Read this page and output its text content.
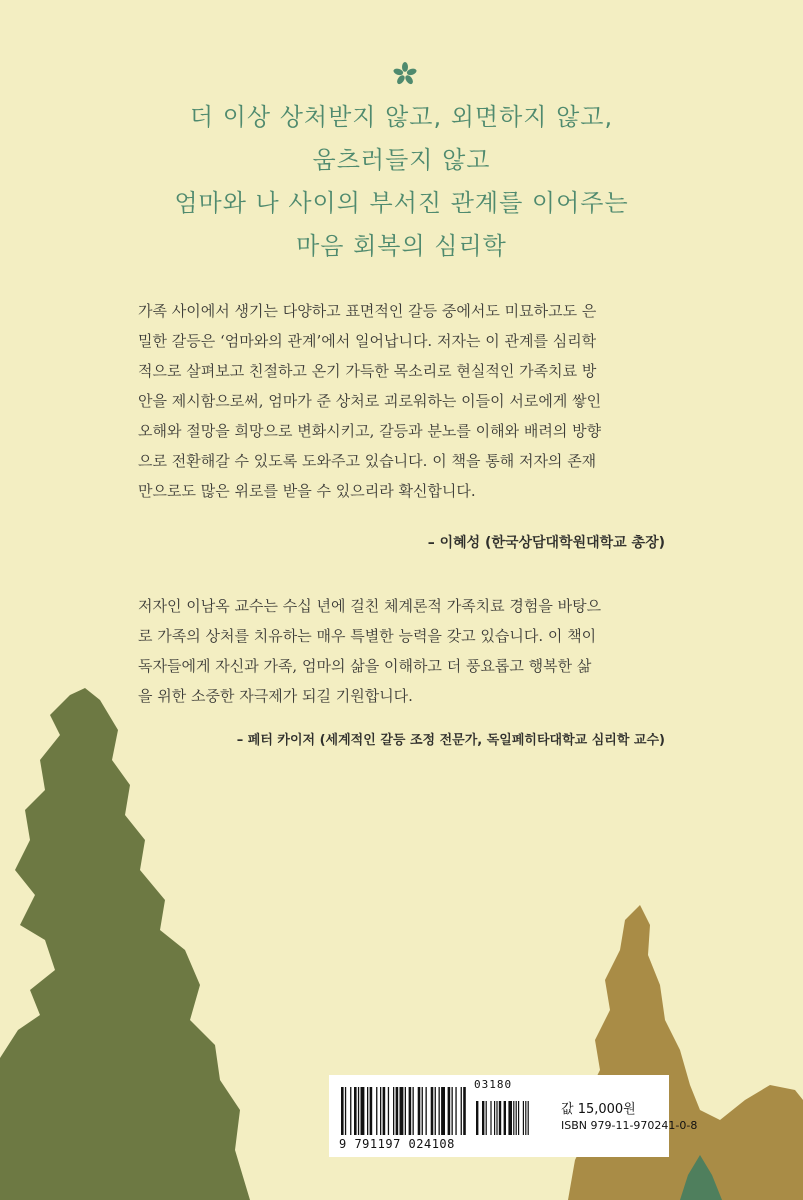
더 이상 상처받지 않고, 외면하지 않고,
움츠러들지 않고
엄마와 나 사이의 부서진 관계를 이어주는
마음 회복의 심리학
가족 사이에서 생기는 다양하고 표면적인 갈등 중에서도 미묘하고도 은
밀한 갈등은 ‘엄마와의 관계’에서 일어납니다. 저자는 이 관계를 심리학
적으로 살펴보고 친절하고 온기 가득한 목소리로 현실적인 가족치료 방
안을 제시함으로써, 엄마가 준 상처로 괴로워하는 이들이 서로에게 쌓인
오해와 절망을 희망으로 변화시키고, 갈등과 분노를 이해와 배려의 방향
으로 전환해갈 수 있도록 도와주고 있습니다. 이 책을 통해 저자의 존재
만으로도 많은 위로를 받을 수 있으리라 확신합니다.
– 이혜성 (한국상담대학원대학교 총장)
저자인 이남옥 교수는 수십 년에 걸친 체계론적 가족치료 경험을 바탕으
로 가족의 상처를 치유하는 매우 특별한 능력을 갖고 있습니다. 이 책이
독자들에게 자신과 가족, 엄마의 삶을 이해하고 더 풍요롭고 행복한 삶
을 위한 소중한 자극제가 되길 기원합니다.
– 페터 카이저 (세계적인 갈등 조정 전문가, 독일페히타대학교 심리학 교수)
03180
9 791197 024108
값 15,000원
ISBN 979-11-970241-0-8
